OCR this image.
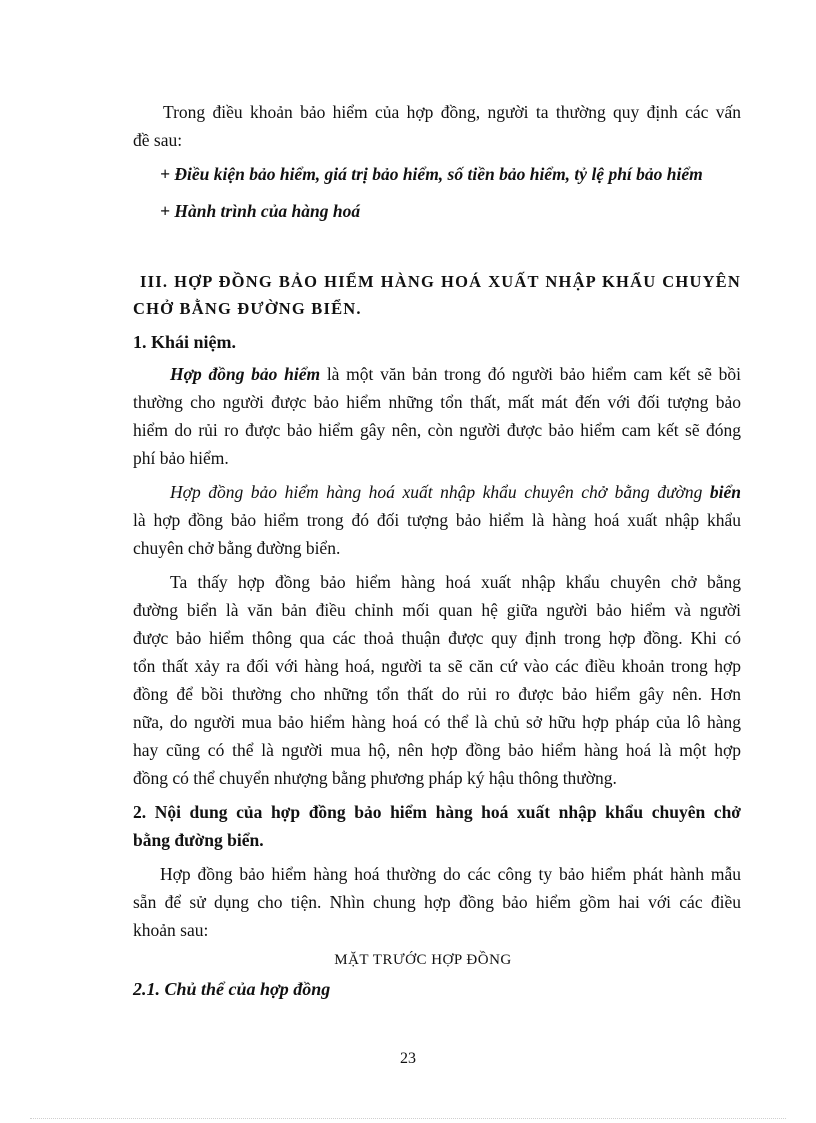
Trong điều khoản bảo hiểm của hợp đồng, người ta thường quy định các vấn

đề sau:

+ Điều kiện bảo hiểm, giá trị bảo hiểm, số tiền bảo hiểm, tỷ lệ phí bảo hiểm

+ Hành trình của hàng hoá

III. HỢP ĐỒNG BẢO HIỂM HÀNG HOÁ XUẤT NHẬP KHẨU CHUYÊN

CHỞ BẰNG ĐƯỜNG BIỂN.

1. Khái niệm.

Hợp đồng bảo hiểm là một văn bản trong đó người bảo hiểm cam kết sẽ bồi

thường cho người được bảo hiểm những tổn thất, mất mát đến với đối tượng bảo

hiểm do rủi ro được bảo hiểm gây nên, còn người được bảo hiểm cam kết sẽ đóng

phí bảo hiểm.

Hợp đồng bảo hiểm hàng hoá xuất nhập khẩu chuyên chở bằng đường biển

là hợp đồng bảo hiểm trong đó đối tượng bảo hiểm là hàng hoá xuất nhập khẩu

chuyên chở bằng đường biển.

Ta thấy hợp đồng bảo hiểm hàng hoá xuất nhập khẩu chuyên chở bằng

đường biển là văn bản điều chỉnh mối quan hệ giữa người bảo hiểm và người

được bảo hiểm thông qua các thoả thuận được quy định trong hợp đồng. Khi có

tổn thất xảy ra đối với hàng hoá, người ta sẽ căn cứ vào các điều khoản trong hợp

đồng để bồi thường cho những tổn thất do rủi ro được bảo hiểm gây nên. Hơn

nữa, do người mua bảo hiểm hàng hoá có thể là chủ sở hữu hợp pháp của lô hàng

hay cũng có thể là người mua hộ, nên hợp đồng bảo hiểm hàng hoá là một hợp

đồng có thể chuyển nhượng bằng phương pháp ký hậu thông thường.

2. Nội dung của hợp đồng bảo hiểm hàng hoá xuất nhập khẩu chuyên chở

bằng đường biển.

Hợp đồng bảo hiểm hàng hoá thường do các công ty bảo hiểm phát hành mẫu

sẵn để sử dụng cho tiện. Nhìn chung hợp đồng bảo hiểm gồm hai với các điều

khoản sau:

MẶT TRƯỚC HỢP ĐỒNG

2.1. Chủ thể của hợp đồng

23
